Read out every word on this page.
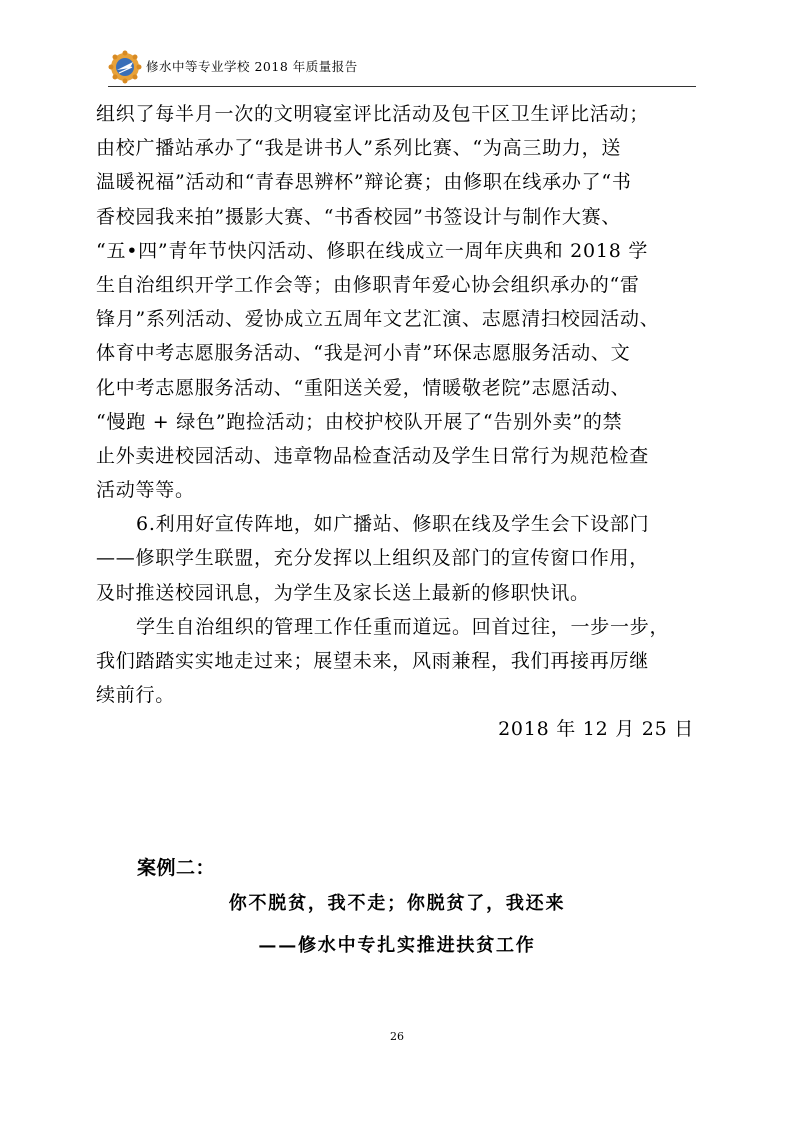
修水中等专业学校 2018 年质量报告
组织了每半月一次的文明寝室评比活动及包干区卫生评比活动；
由校广播站承办了“我是讲书人”系列比赛、“为高三助力，送
温暖祝福”活动和“青春思辨杯”辩论赛；由修职在线承办了“书
香校园我来拍”摄影大赛、“书香校园”书签设计与制作大赛、
“五•四”青年节快闪活动、修职在线成立一周年庆典和 2018 学
生自治组织开学工作会等；由修职青年爱心协会组织承办的“雷
锋月”系列活动、爱协成立五周年文艺汇演、志愿清扫校园活动、
体育中考志愿服务活动、“我是河小青”环保志愿服务活动、文
化中考志愿服务活动、“重阳送关爱，情暖敬老院”志愿活动、
“慢跑 + 绿色”跑捡活动；由校护校队开展了“告别外卖”的禁
止外卖进校园活动、违章物品检查活动及学生日常行为规范检查
活动等等。
6.利用好宣传阵地，如广播站、修职在线及学生会下设部门
——修职学生联盟，充分发挥以上组织及部门的宣传窗口作用，
及时推送校园讯息，为学生及家长送上最新的修职快讯。
学生自治组织的管理工作任重而道远。回首过往，一步一步，
我们踏踏实实地走过来；展望未来，风雨兼程，我们再接再厉继
续前行。
2018 年 12 月 25 日
案例二：
你不脱贫，我不走；你脱贫了，我还来
——修水中专扎实推进扶贫工作
26
